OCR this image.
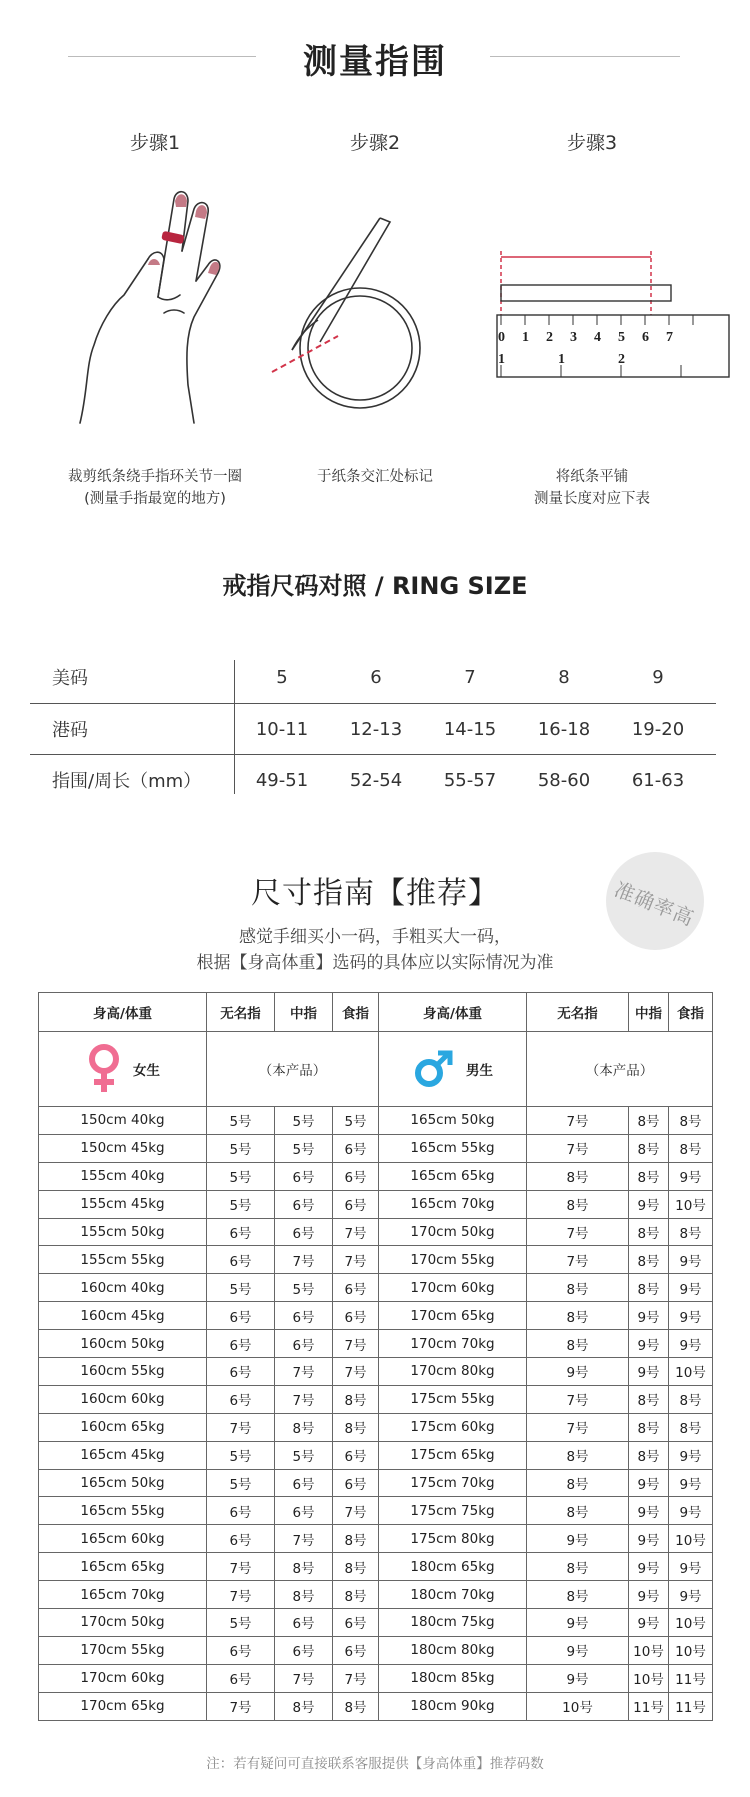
测量指围
步骤1	步骤2	步骤3
0 1 2 3 4 5 6 7
1	1	2
裁剪纸条绕手指环关节一圈
(测量手指最宽的地方)
于纸条交汇处标记	将纸条平铺
测量长度对应下表
戒指尺码对照 / RING SIZE
美码	5	6	7	8	9
港码	10-11	12-13	14-15	16-18	19-20
指围/周长（mm）	49-51	52-54	55-57	58-60	61-63
尺寸指南【推荐】	准确率高
感觉手细买小一码，手粗买大一码，
根据【身高体重】选码的具体应以实际情况为准
身高/体重	无名指	中指	食指	身高/体重	无名指	中指	食指

女生	（本产品）			男生	（本产品）		
150cm 40kg	5号	5号	5号	165cm 50kg	7号	8号	8号
150cm 45kg	5号	5号	6号	165cm 55kg	7号	8号	8号
155cm 40kg	5号	6号	6号	165cm 65kg	8号	8号	9号
155cm 45kg	5号	6号	6号	165cm 70kg	8号	9号	10号
155cm 50kg	6号	6号	7号	170cm 50kg	7号	8号	8号
155cm 55kg	6号	7号	7号	170cm 55kg	7号	8号	9号
160cm 40kg	5号	5号	6号	170cm 60kg	8号	8号	9号
160cm 45kg	6号	6号	6号	170cm 65kg	8号	9号	9号
160cm 50kg	6号	6号	7号	170cm 70kg	8号	9号	9号
160cm 55kg	6号	7号	7号	170cm 80kg	9号	9号	10号
160cm 60kg	6号	7号	8号	175cm 55kg	7号	8号	8号
160cm 65kg	7号	8号	8号	175cm 60kg	7号	8号	8号
165cm 45kg	5号	5号	6号	175cm 65kg	8号	8号	9号
165cm 50kg	5号	6号	6号	175cm 70kg	8号	9号	9号
165cm 55kg	6号	6号	7号	175cm 75kg	8号	9号	9号
165cm 60kg	6号	7号	8号	175cm 80kg	9号	9号	10号
165cm 65kg	7号	8号	8号	180cm 65kg	8号	9号	9号
165cm 70kg	7号	8号	8号	180cm 70kg	8号	9号	9号
170cm 50kg	5号	6号	6号	180cm 75kg	9号	9号	10号
170cm 55kg	6号	6号	6号	180cm 80kg	9号	10号	10号
170cm 60kg	6号	7号	7号	180cm 85kg	9号	10号	11号
170cm 65kg	7号	8号	8号	180cm 90kg	10号	11号	11号
注：若有疑问可直接联系客服提供【身高体重】推荐码数
